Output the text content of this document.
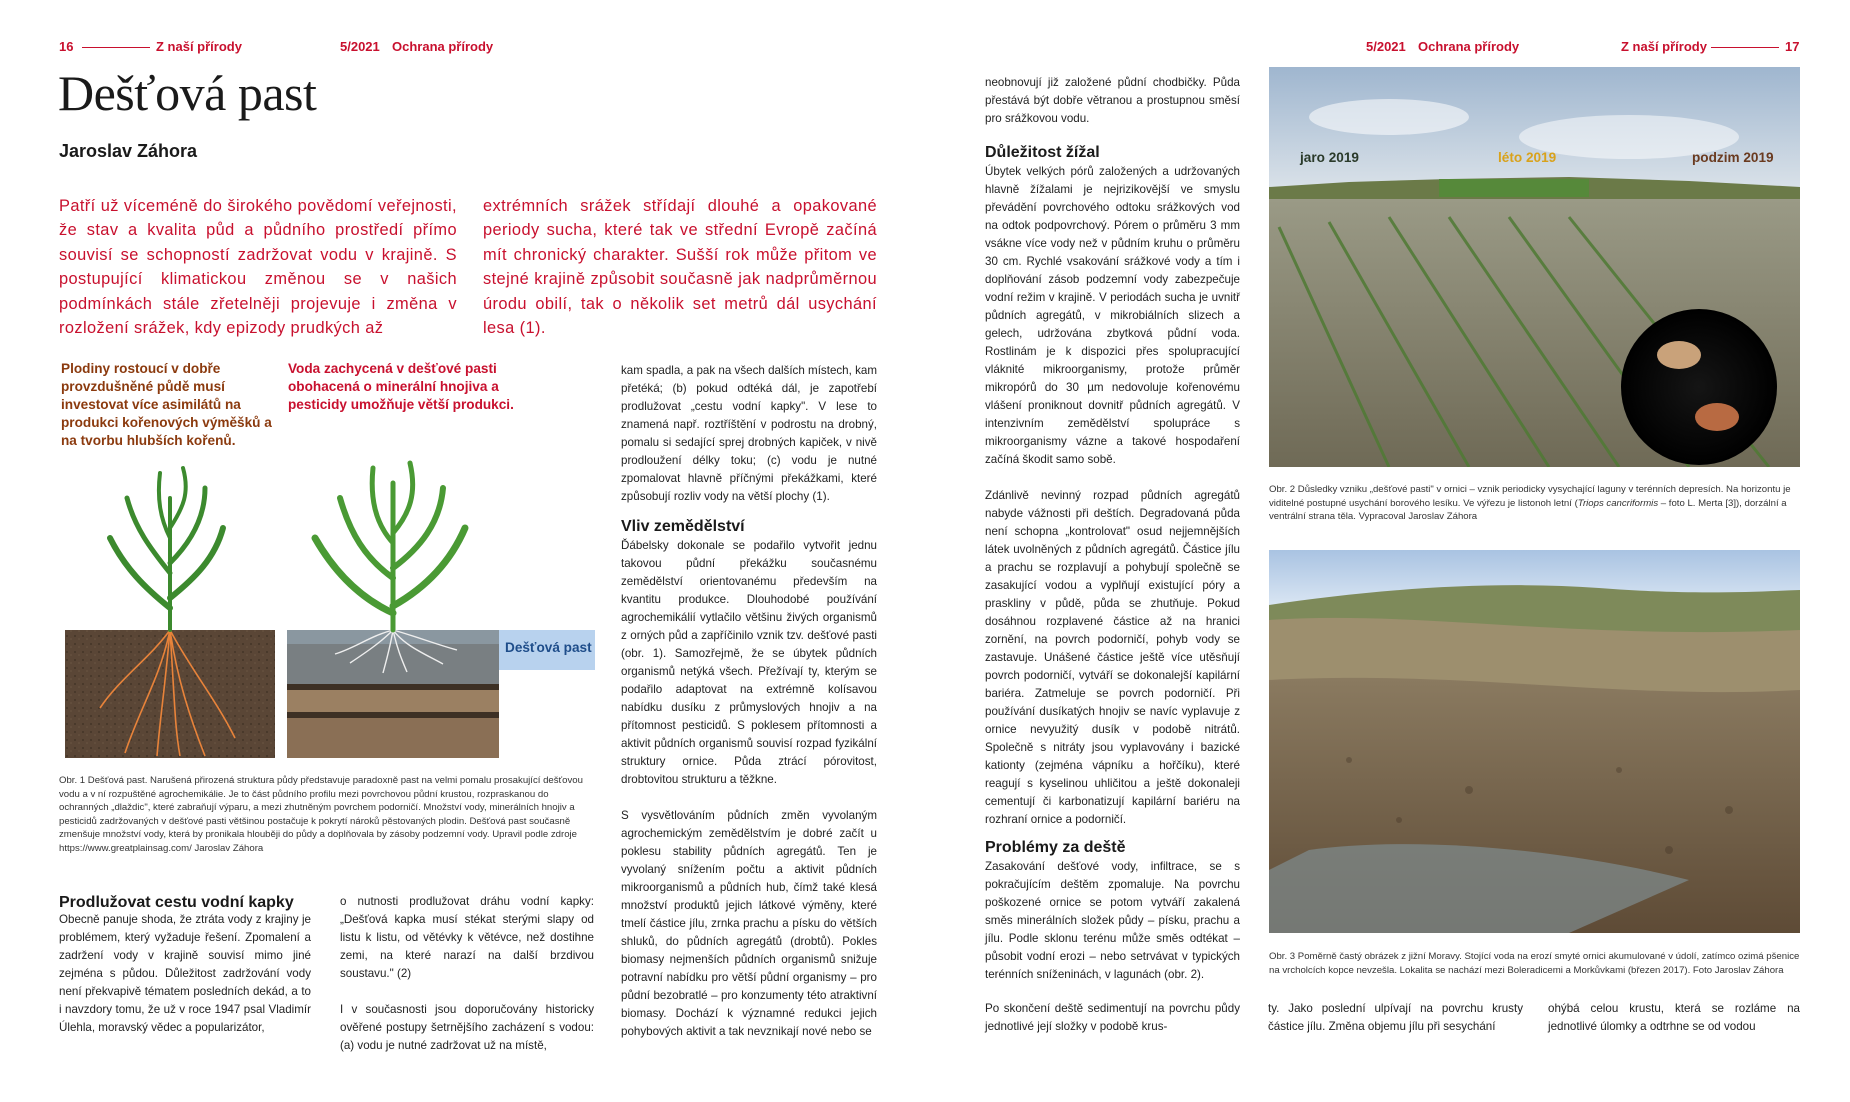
16	Z naší přírody	5/2021 Ochrana přírody
Dešťová past
Jaroslav Záhora
Patří už víceméně do širokého povědomí veřejnosti, že stav a kvalita půd a půdního prostředí přímo souvisí se schopností zadržovat vodu v krajině. S postupující klimatickou změnou se v našich podmínkách stále zřetelněji projevuje i změna v rozložení srážek, kdy epizody prudkých až
extrémních srážek střídají dlouhé a opakované periody sucha, které tak ve střední Evropě začíná mít chronický charakter. Sušší rok může přitom ve stejné krajině způsobit současně jak nadprůměrnou úrodu obilí, tak o několik set metrů dál usychání lesa (1).
Plodiny rostoucí v dobře provzdušněné půdě musí investovat více asimilátů na produkci kořenových výměšků a na tvorbu hlubších kořenů.
Voda zachycená v dešťové pasti obohacená o minerální hnojiva a pesticidy umožňuje větší produkci.
Dešťová past
Obr. 1 Dešťová past. Narušená přirozená struktura půdy představuje paradoxně past na velmi pomalu prosakující dešťovou vodu a v ní rozpuštěné agrochemikálie. Je to část půdního profilu mezi povrchovou půdní krustou, rozpraskanou do ochranných „dlaždic", které zabraňují výparu, a mezi zhutněným povrchem podorničí. Množství vody, minerálních hnojiv a pesticidů zadržovaných v dešťové pasti většinou postačuje k pokrytí nároků pěstovaných plodin. Dešťová past současně zmenšuje množství vody, která by pronikala hlouběji do půdy a doplňovala by zásoby podzemní vody. Upravil podle zdroje https://www.greatplainsag.com/ Jaroslav Záhora
Prodlužovat cestu vodní kapky

Obecně panuje shoda, že ztráta vody z krajiny je problémem, který vyžaduje řešení. Zpomalení a zadržení vody v krajině souvisí mimo jiné zejména s půdou. Důležitost zadržování vody není překvapivě tématem posledních dekád, a to i navzdory tomu, že už v roce 1947 psal Vladimír Úlehla, moravský vědec a popularizátor,

o nutnosti prodlužovat dráhu vodní kapky: „Dešťová kapka musí stékat sterými slapy od listu k listu, od větévky k větévce, než dostihne zemi, na které narazí na další brzdivou soustavu." (2)

I v současnosti jsou doporučovány historicky ověřené postupy šetrnějšího zacházení s vodou: (a) vodu je nutné zadržovat už na místě,

kam spadla, a pak na všech dalších místech, kam přetéká; (b) pokud odtéká dál, je zapotřebí prodlužovat „cestu vodní kapky". V lese to znamená např. roztříštění v podrostu na drobný, pomalu si sedající sprej drobných kapiček, v nivě prodloužení délky toku; (c) vodu je nutné zpomalovat hlavně příčnými překážkami, které způsobují rozliv vody na větší plochy (1).

Vliv zemědělství

Ďábelsky dokonale se podařilo vytvořit jednu takovou půdní překážku současnému zemědělství orientovanému především na kvantitu produkce. Dlouhodobé používání agrochemikálií vytlačilo většinu živých organismů z orných půd a zapříčinilo vznik tzv. dešťové pasti (obr. 1). Samozřejmě, že se úbytek půdních organismů netýká všech. Přežívají ty, kterým se podařilo adaptovat na extrémně kolísavou nabídku dusíku z průmyslových hnojiv a na přítomnost pesticidů. S poklesem přítomnosti a aktivit půdních organismů souvisí rozpad fyzikální struktury ornice. Půda ztrácí pórovitost, drobtovitou strukturu a těžkne.

S vysvětlováním půdních změn vyvolaným agrochemickým zemědělstvím je dobré začít u poklesu stability půdních agregátů. Ten je vyvolaný snížením počtu a aktivit půdních mikroorganismů a půdních hub, čímž také klesá množství produktů jejich látkové výměny, které tmelí částice jílu, zrnka prachu a písku do větších shluků, do půdních agregátů (drobtů). Pokles biomasy nejmenších půdních organismů snižuje potravní nabídku pro větší půdní organismy – pro půdní bezobratlé – pro konzumenty této atraktivní biomasy. Dochází k významné redukci jejich pohybových aktivit a tak nevznikají nové nebo se

5/2021 Ochrana přírody	Z naší přírody	17

neobnovují již založené půdní chodbičky. Půda přestává být dobře větranou a prostupnou směsí pro srážkovou vodu.

Důležitost žížal

Úbytek velkých pórů založených a udržovaných hlavně žížalami je nejrizikovější ve smyslu převádění povrchového odtoku srážkových vod na odtok podpovrchový. Pórem o průměru 3 mm vsákne více vody než v půdním kruhu o průměru 30 cm. Rychlé vsakování srážkové vody a tím i doplňování zásob podzemní vody zabezpečuje vodní režim v krajině. V periodách sucha je uvnitř půdních agregátů, v mikrobiálních slizech a gelech, udržována zbytková půdní voda. Rostlinám je k dispozici přes spolupracující vláknité mikroorganismy, protože průměr mikropórů do 30 µm nedovoluje kořenovému vlášení proniknout dovnitř půdních agregátů. V intenzivním zemědělství spolupráce s mikroorganismy vázne a takové hospodaření začíná škodit samo sobě.

Zdánlivě nevinný rozpad půdních agregátů nabyde vážnosti při deštích. Degradovaná půda není schopna „kontrolovat" osud nejjemnějších látek uvolněných z půdních agregátů. Částice jílu a prachu se rozplavují a pohybují společně se zasakující vodou a vyplňují existující póry a praskliny v půdě, půda se zhutňuje. Pokud dosáhnou rozplavené částice až na hranici zornění, na povrch podorničí, pohyb vody se zastavuje. Unášené částice ještě více utěsňují povrch podorničí, vytváří se dokonalejší kapilární bariéra. Zatmeluje se povrch podorničí. Při používání dusíkatých hnojiv se navíc vyplavuje z ornice nevyužitý dusík v podobě nitrátů. Společně s nitráty jsou vyplavovány i bazické kationty (zejména vápníku a hořčíku), které reagují s kyselinou uhličitou a ještě dokonaleji cementují či karbonatizují kapilární bariéru na rozhraní ornice a podorničí.

Problémy za deště

Zasakování dešťové vody, infiltrace, se s pokračujícím deštěm zpomaluje. Na povrchu poškozené ornice se potom vytváří zakalená směs minerálních složek půdy – písku, prachu a jílu. Podle sklonu terénu může směs odtékat – působit vodní erozi – nebo setrvávat v typických terénních sníženinách, v lagunách (obr. 2).

Po skončení deště sedimentují na povrchu půdy jednotlivé její složky v podobě krus-

jaro 2019	léto 2019	podzim 2019
Obr. 2 Důsledky vzniku „dešťové pasti" v ornici – vznik periodicky vysychající laguny v terénních depresích. Na horizontu je viditelné postupné usychání borového lesíku. Ve výřezu je listonoh letní (Triops cancriformis – foto L. Merta [3]), dorzální a ventrální strana těla. Vypracoval Jaroslav Záhora
Obr. 3 Poměrně častý obrázek z jižní Moravy. Stojící voda na erozí smyté ornici akumulované v údolí, zatímco ozimá pšenice na vrcholcích kopce nevzešla. Lokalita se nachází mezi Boleradicemi a Morkůvkami (březen 2017). Foto Jaroslav Záhora

ty. Jako poslední ulpívají na povrchu krusty částice jílu. Změna objemu jílu při sesychání

ohýbá celou krustu, která se rozláme na jednotlivé úlomky a odtrhne se od vodou
